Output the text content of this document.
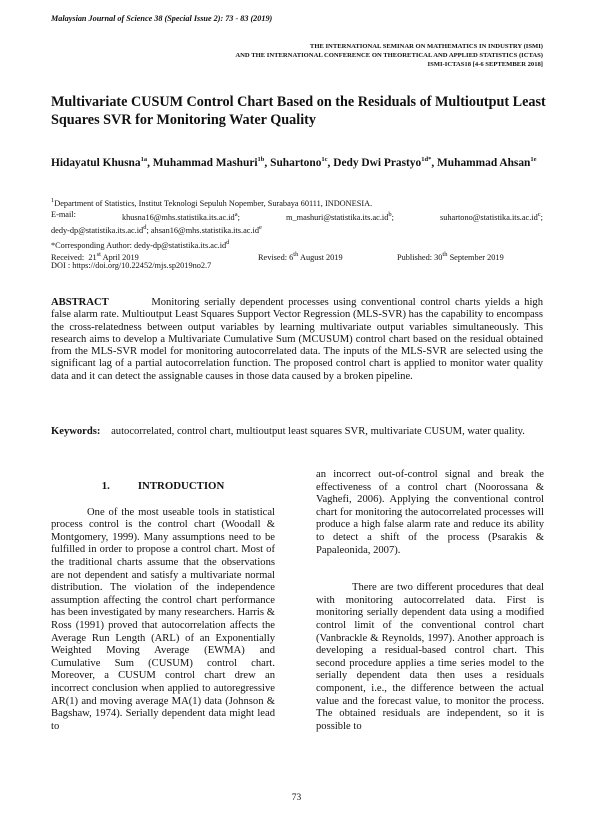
Malaysian Journal of Science 38 (Special Issue 2): 73 - 83 (2019)
THE INTERNATIONAL SEMINAR ON MATHEMATICS IN INDUSTRY (ISMI)
AND THE INTERNATIONAL CONFERENCE ON THEORETICAL AND APPLIED STATISTICS (ICTAS)
ISMI-ICTAS18 [4-6 SEPTEMBER 2018]
Multivariate CUSUM Control Chart Based on the Residuals of Multioutput Least Squares SVR for Monitoring Water Quality
Hidayatul Khusna$^{1a}$, Muhammad Mashuri$^{1b}$, Suhartono$^{1c}$, Dedy Dwi Prastyo$^{1d*}$, Muhammad Ahsan$^{1e}$
$^1$Department of Statistics, Institut Teknologi Sepuluh Nopember, Surabaya 60111, INDONESIA.
E-mail:	$khusna16@mhs.statistika.its.ac.id^a$;	$m\_mashuri@statistika.its.ac.id^b$;	$suhartono@statistika.its.ac.id^c$;
dedy-$dp@statistika.its.ac.id^d$; $ahsan16@mhs.statistika.its.ac.id^e$
*Corresponding Author: dedy-$dp@statistika.its.ac.id^d$
Received: 21st April 2019	Revised: 6th August 2019	Published: 30th September 2019
DOI : https://doi.org/10.22452/mjs.sp2019no2.7
ABSTRACT	Monitoring serially dependent processes using conventional control charts yields a high false alarm rate. Multioutput Least Squares Support Vector Regression (MLS-SVR) has the capability to encompass the cross-relatedness between output variables by learning multivariate output variables simultaneously. This research aims to develop a Multivariate Cumulative Sum (MCUSUM) control chart based on the residual obtained from the MLS-SVR model for monitoring autocorrelated data. The inputs of the MLS-SVR are selected using the significant lag of a partial autocorrelation function. The proposed control chart is applied to monitor water quality data and it can detect the assignable causes in those data caused by a broken pipeline.
Keywords: autocorrelated, control chart, multioutput least squares SVR, multivariate CUSUM, water quality.
1.	INTRODUCTION

One of the most useable tools in statistical process control is the control chart (Woodall & Montgomery, 1999). Many assumptions need to be fulfilled in order to propose a control chart. Most of the traditional charts assume that the observations are not dependent and satisfy a multivariate normal distribution. The violation of the independence assumption affecting the control chart performance has been investigated by many researchers. Harris & Ross (1991) proved that autocorrelation affects the Average Run Length (ARL) of an Exponentially Weighted Moving Average (EWMA) and Cumulative Sum (CUSUM) control chart. Moreover, a CUSUM control chart drew an incorrect conclusion when applied to autoregressive AR(1) and moving average MA(1) data (Johnson & Bagshaw, 1974). Serially dependent data might lead to

an incorrect out-of-control signal and break the effectiveness of a control chart (Noorossana & Vaghefi, 2006). Applying the conventional control chart for monitoring the autocorrelated processes will produce a high false alarm rate and reduce its ability to detect a shift of the process (Psarakis & Papaleonida, 2007).

There are two different procedures that deal with monitoring autocorrelated data. First is monitoring serially dependent data using a modified control limit of the conventional control chart (Vanbrackle & Reynolds, 1997). Another approach is developing a residual-based control chart. This second procedure applies a time series model to the serially dependent data then uses a residuals component, i.e., the difference between the actual value and the forecast value, to monitor the process. The obtained residuals are independent, so it is possible to

73
